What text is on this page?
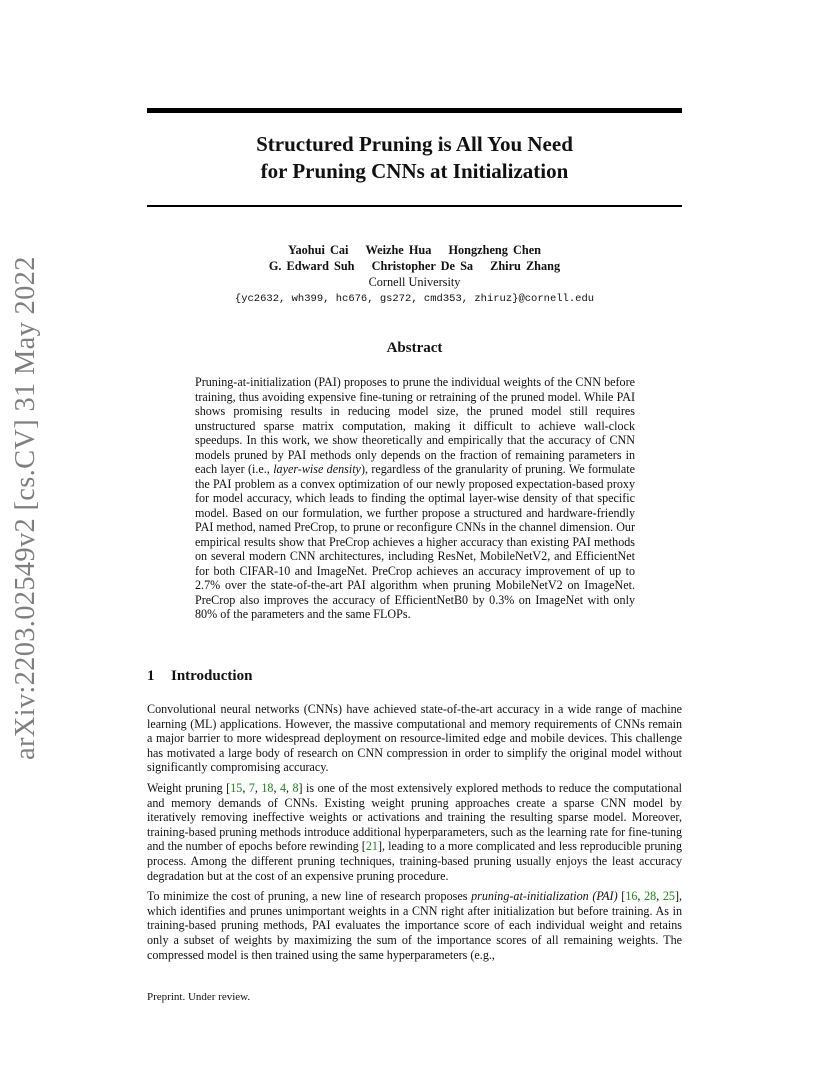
arXiv:2203.02549v2 [cs.CV] 31 May 2022
Structured Pruning is All You Need
for Pruning CNNs at Initialization
Yaohui Cai Weizhe Hua Hongzheng Chen
G. Edward Suh Christopher De Sa Zhiru Zhang
Cornell University
{yc2632, wh399, hc676, gs272, cmd353, zhiruz}@cornell.edu
Abstract
Pruning-at-initialization (PAI) proposes to prune the individual weights of the CNN before training, thus avoiding expensive fine-tuning or retraining of the pruned model. While PAI shows promising results in reducing model size, the pruned model still requires unstructured sparse matrix computation, making it difficult to achieve wall-clock speedups. In this work, we show theoretically and empirically that the accuracy of CNN models pruned by PAI methods only depends on the fraction of remaining parameters in each layer (i.e., layer-wise density), regardless of the granularity of pruning. We formulate the PAI problem as a convex optimization of our newly proposed expectation-based proxy for model accuracy, which leads to finding the optimal layer-wise density of that specific model. Based on our formulation, we further propose a structured and hardware-friendly PAI method, named PreCrop, to prune or reconfigure CNNs in the channel dimension. Our empirical results show that PreCrop achieves a higher accuracy than existing PAI methods on several modern CNN architectures, including ResNet, MobileNetV2, and EfficientNet for both CIFAR-10 and ImageNet. PreCrop achieves an accuracy improvement of up to 2.7% over the state-of-the-art PAI algorithm when pruning MobileNetV2 on ImageNet. PreCrop also improves the accuracy of EfficientNetB0 by 0.3% on ImageNet with only 80% of the parameters and the same FLOPs.
1 Introduction

Convolutional neural networks (CNNs) have achieved state-of-the-art accuracy in a wide range of machine learning (ML) applications. However, the massive computational and memory requirements of CNNs remain a major barrier to more widespread deployment on resource-limited edge and mobile devices. This challenge has motivated a large body of research on CNN compression in order to simplify the original model without significantly compromising accuracy.

Weight pruning [15, 7, 18, 4, 8] is one of the most extensively explored methods to reduce the computational and memory demands of CNNs. Existing weight pruning approaches create a sparse CNN model by iteratively removing ineffective weights or activations and training the resulting sparse model. Moreover, training-based pruning methods introduce additional hyperparameters, such as the learning rate for fine-tuning and the number of epochs before rewinding [21], leading to a more complicated and less reproducible pruning process. Among the different pruning techniques, training-based pruning usually enjoys the least accuracy degradation but at the cost of an expensive pruning procedure.

To minimize the cost of pruning, a new line of research proposes pruning-at-initialization (PAI) [16, 28, 25], which identifies and prunes unimportant weights in a CNN right after initialization but before training. As in training-based pruning methods, PAI evaluates the importance score of each individual weight and retains only a subset of weights by maximizing the sum of the importance scores of all remaining weights. The compressed model is then trained using the same hyperparameters (e.g.,

Preprint. Under review.
